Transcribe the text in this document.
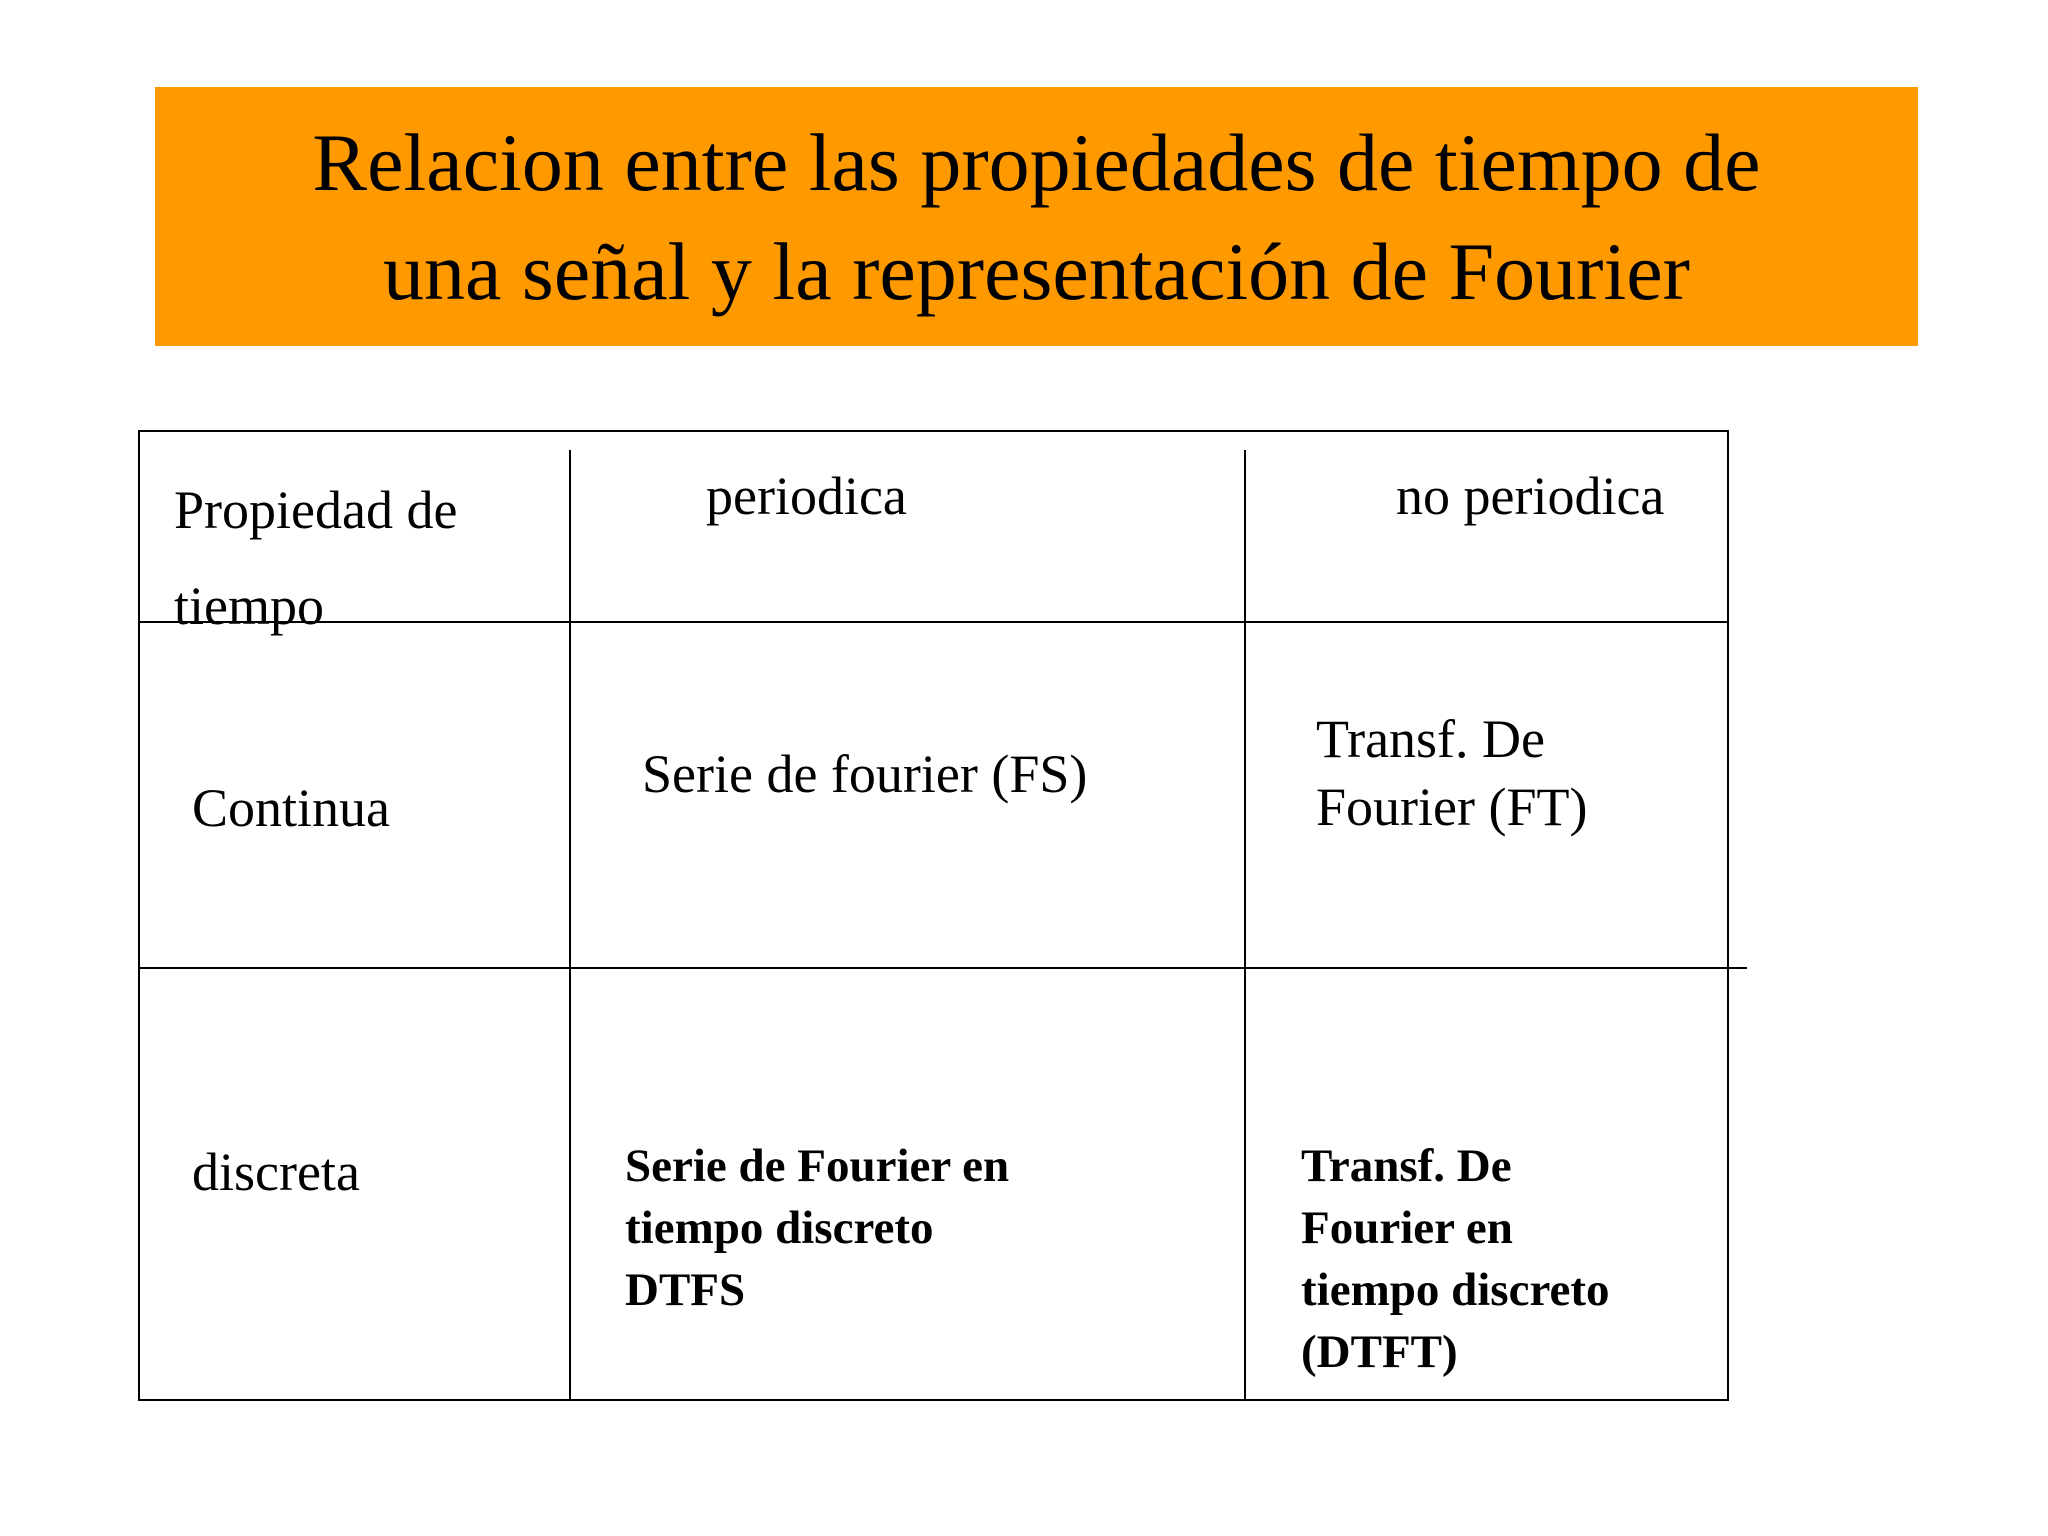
Relacion entre las propiedades de tiempo de
una señal y la representación de Fourier
Propiedad de
tiempo
periodica	no periodica
Continua
Serie de fourier (FS)
Transf. De
Fourier (FT)
discreta	Serie de Fourier en
tiempo discreto
DTFS
Transf. De
Fourier en
tiempo discreto
(DTFT)
